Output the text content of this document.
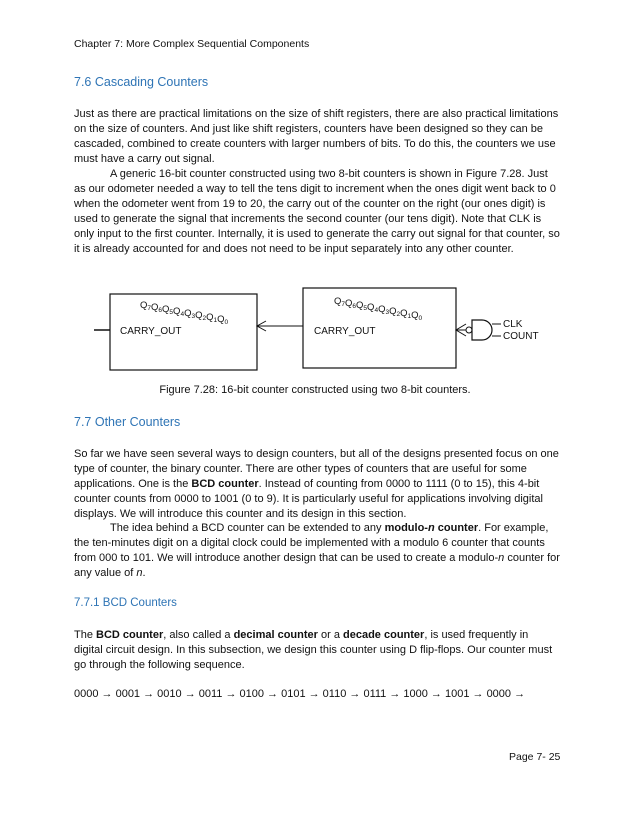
Chapter 7: More Complex Sequential Components
7.6 Cascading Counters
Just as there are practical limitations on the size of shift registers, there are also practical limitations on the size of counters. And just like shift registers, counters have been designed so they can be cascaded, combined to create counters with larger numbers of bits. To do this, the counters we use must have a carry out signal.
A generic 16-bit counter constructed using two 8-bit counters is shown in Figure 7.28. Just as our odometer needed a way to tell the tens digit to increment when the ones digit went back to 0 when the odometer went from 19 to 20, the carry out of the counter on the right (our ones digit) is used to generate the signal that increments the second counter (our tens digit). Note that CLK is only input to the first counter. Internally, it is used to generate the carry out signal for that counter, so it is already accounted for and does not need to be input separately into any other counter.
$Q_7Q_6Q_5Q_4Q_3Q_2Q_1Q_0$
CARRY_OUT
$Q_7Q_6Q_5Q_4Q_3Q_2Q_1Q_0$
CARRY_OUT
CLK
COUNT
Figure 7.28: 16-bit counter constructed using two 8-bit counters.
7.7 Other Counters
So far we have seen several ways to design counters, but all of the designs presented focus on one type of counter, the binary counter. There are other types of counters that are useful for some applications. One is the BCD counter. Instead of counting from 0000 to 1111 (0 to 15), this 4-bit counter counts from 0000 to 1001 (0 to 9). It is particularly useful for applications involving digital displays. We will introduce this counter and its design in this section.
The idea behind a BCD counter can be extended to any modulo-n counter. For example, the ten-minutes digit on a digital clock could be implemented with a modulo 6 counter that counts from 000 to 101. We will introduce another design that can be used to create a modulo-n counter for any value of n.
7.7.1 BCD Counters
The BCD counter, also called a decimal counter or a decade counter, is used frequently in digital circuit design. In this subsection, we design this counter using D flip-flops. Our counter must go through the following sequence.
0000 → 0001 → 0010 → 0011 → 0100 → 0101 → 0110 → 0111 → 1000 → 1001 → 0000 →
Page 7- 25
